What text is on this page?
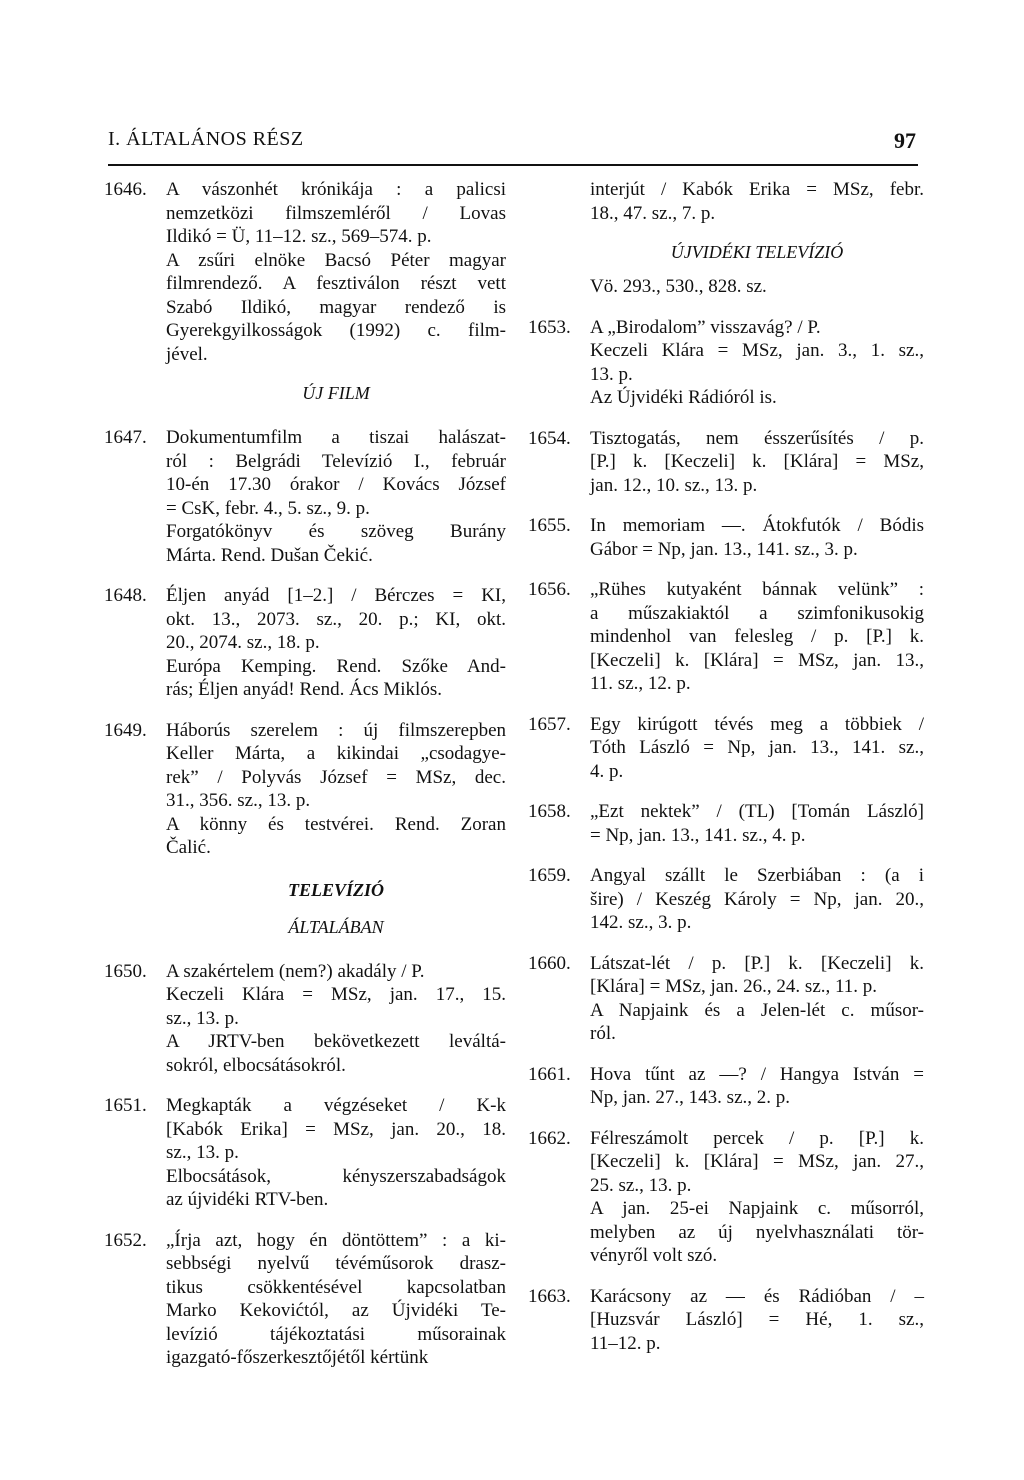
I. ÁLTALÁNOS RÉSZ	97
1646.	A vászonhét krónikája : a palicsi
nemzetközi filmszemléről / Lovas
Ildikó = Ü, 11–12. sz., 569–574. p.
A zsűri elnöke Bacsó Péter magyar
filmrendező. A fesztiválon részt vett
Szabó Ildikó, magyar rendező is
Gyerekgyilkosságok (1992) c. film-
jével.
ÚJ FILM
1647.	Dokumentumfilm a tiszai halászat-
ról : Belgrádi Televízió I., február
10-én 17.30 órakor / Kovács József
= CsK, febr. 4., 5. sz., 9. p.
Forgatókönyv és szöveg Burány
Márta. Rend. Dušan Čekić.
1648.	Éljen anyád [1–2.] / Bérczes = KI,
okt. 13., 2073. sz., 20. p.; KI, okt.
20., 2074. sz., 18. p.
Európa Kemping. Rend. Szőke And-
rás; Éljen anyád! Rend. Ács Miklós.
1649.	Háborús szerelem : új filmszerepben
Keller Márta, a kikindai „csodagye-
rek” / Polyvás József = MSz, dec.
31., 356. sz., 13. p.
A könny és testvérei. Rend. Zoran
Čalić.
TELEVÍZIÓ
ÁLTALÁBAN
1650.	A szakértelem (nem?) akadály / P.
Keczeli Klára = MSz, jan. 17., 15.
sz., 13. p.
A JRTV-ben bekövetkezett leváltá-
sokról, elbocsátásokról.
1651.	Megkapták a végzéseket / K-k
[Kabók Erika] = MSz, jan. 20., 18.
sz., 13. p.
Elbocsátások, kényszerszabadságok
az újvidéki RTV-ben.
1652.	„Írja azt, hogy én döntöttem” : a ki-
sebbségi nyelvű tévéműsorok drasz-
tikus csökkentésével kapcsolatban
Marko Kekovićtól, az Újvidéki Te-
levízió tájékoztatási műsorainak
igazgató-főszerkesztőjétől kértünk
interjút / Kabók Erika = MSz, febr.
18., 47. sz., 7. p.
ÚJVIDÉKI TELEVÍZIÓ
Vö. 293., 530., 828. sz.
1653.	A „Birodalom” visszavág? / P.
Keczeli Klára = MSz, jan. 3., 1. sz.,
13. p.
Az Újvidéki Rádióról is.
1654.	Tisztogatás, nem ésszerűsítés / p.
[P.] k. [Keczeli] k. [Klára] = MSz,
jan. 12., 10. sz., 13. p.
1655.	In memoriam —. Átokfutók / Bódis
Gábor = Np, jan. 13., 141. sz., 3. p.
1656.	„Rühes kutyaként bánnak velünk” :
a műszakiaktól a szimfonikusokig
mindenhol van felesleg / p. [P.] k.
[Keczeli] k. [Klára] = MSz, jan. 13.,
11. sz., 12. p.
1657.	Egy kirúgott tévés meg a többiek /
Tóth László = Np, jan. 13., 141. sz.,
4. p.
1658.	„Ezt nektek” / (TL) [Tomán László]
= Np, jan. 13., 141. sz., 4. p.
1659.	Angyal szállt le Szerbiában : (a i
šire) / Keszég Károly = Np, jan. 20.,
142. sz., 3. p.
1660.	Látszat-lét / p. [P.] k. [Keczeli] k.
[Klára] = MSz, jan. 26., 24. sz., 11. p.
A Napjaink és a Jelen-lét c. műsor-
ról.
1661.	Hova tűnt az —? / Hangya István =
Np, jan. 27., 143. sz., 2. p.
1662.	Félreszámolt percek / p. [P.] k.
[Keczeli] k. [Klára] = MSz, jan. 27.,
25. sz., 13. p.
A jan. 25-ei Napjaink c. műsorról,
melyben az új nyelvhasználati tör-
vényről volt szó.
1663.	Karácsony az — és Rádióban / –
[Huzsvár László] = Hé, 1. sz.,
11–12. p.
